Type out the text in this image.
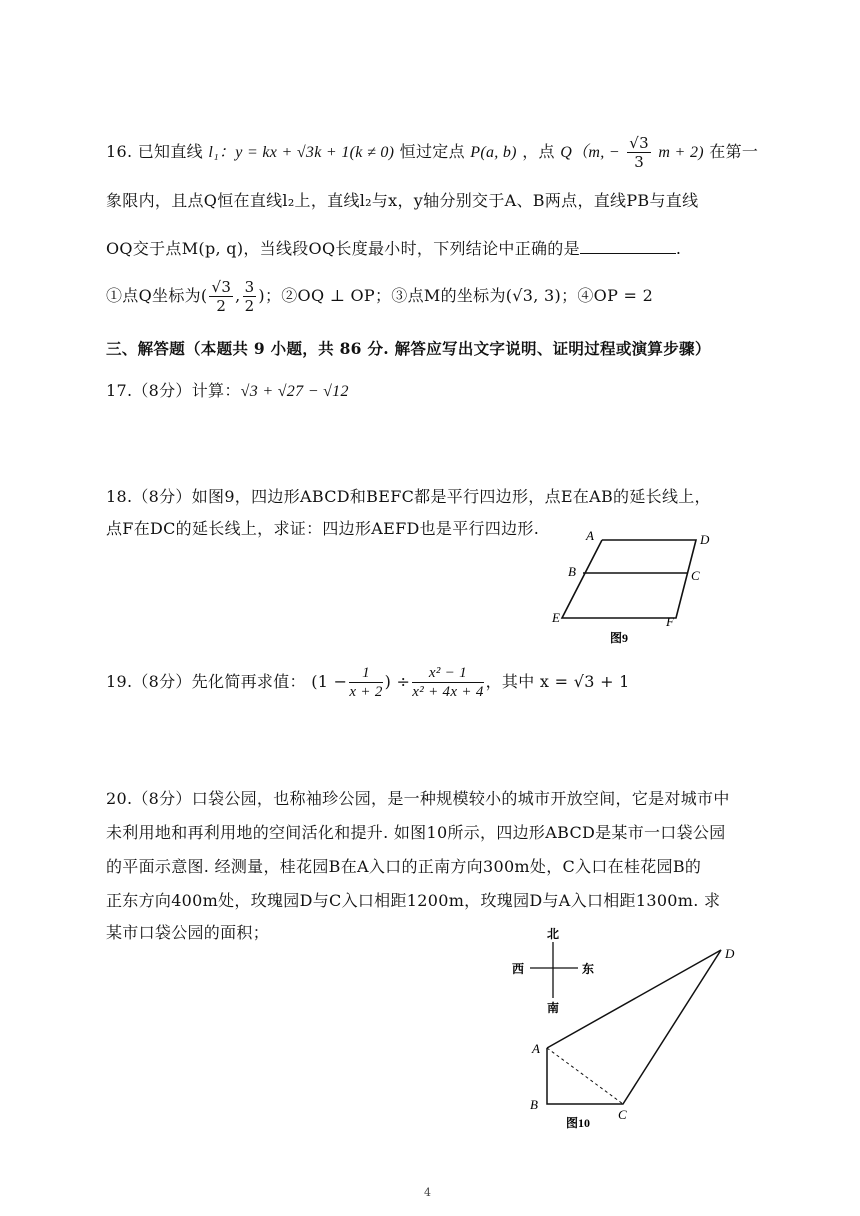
16. 已知直线 l₁：y = kx + √3k + 1(k ≠ 0) 恒过定点 P(a, b) ，点 Q（m, − $\frac{√3}{3}$ m + 2) 在第一
象限内，且点Q恒在直线l₂上，直线l₂与x，y轴分别交于A、B两点，直线PB与直线
OQ交于点M(p, q)，当线段OQ长度最小时，下列结论中正确的是	.
①点Q坐标为( $\frac{√3}{2}$ , $\frac{3}{2}$ )；②OQ ⊥ OP；③点M的坐标为(√3, 3)；④OP = 2
三、解答题（本题共 9 小题，共 86 分. 解答应写出文字说明、证明过程或演算步骤）
17.（8分）计算：√3 + √27 − √12
18.（8分）如图9，四边形ABCD和BEFC都是平行四边形，点E在AB的延长线上，
点F在DC的延长线上，求证：四边形AEFD也是平行四边形.	A	D
B	C
E	F
图9
19.（8分）先化简再求值： ($1 - \frac{1}{x + 2}$ ) ÷ $\frac{\text{x² − 1}}{\text{x² + 4x + 4}}$ ，其中 x = √3 + 1
20.（8分）口袋公园，也称袖珍公园，是一种规模较小的城市开放空间，它是对城市中
未利用地和再利用地的空间活化和提升. 如图10所示，四边形ABCD是某市一口袋公园
的平面示意图. 经测量，桂花园B在A入口的正南方向300m处，C入口在桂花园B的
正东方向400m处，玫瑰园D与C入口相距1200m，玫瑰园D与A入口相距1300m. 求
某市口袋公园的面积；	北
南
西	东
A
B
C
D
图10
4
